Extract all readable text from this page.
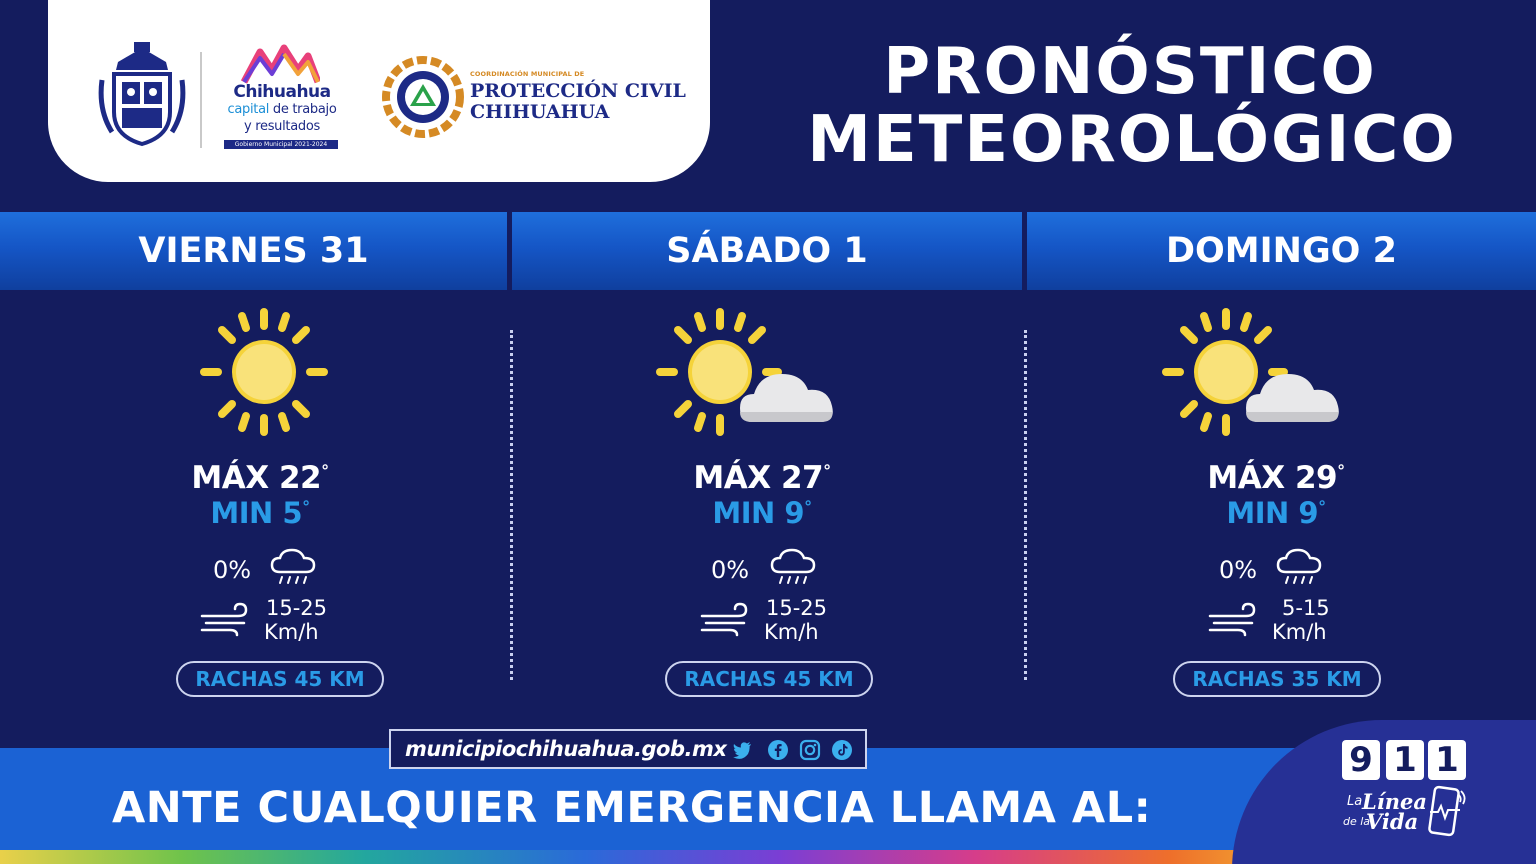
Chihuahua
capital de trabajo
y resultados
Gobierno Municipal 2021-2024
COORDINACIÓN MUNICIPAL DE
PROTECCIÓN CIVIL
CHIHUAHUA
PRONÓSTICO
METEOROLÓGICO
VIERNES 31	SÁBADO 1	DOMINGO 2
MÁX 22°
MIN 5°
0%
15-25
Km/h
RACHAS 45 KM
MÁX 27°
MIN 9°
0%
15-25
Km/h
RACHAS 45 KM
MÁX 29°
MIN 9°
0%
5-15
Km/h
RACHAS 35 KM
municipiochihuahua.gob.mx
ANTE CUALQUIER EMERGENCIA LLAMA AL:
9 1 1
La Línea
de la
Vida
